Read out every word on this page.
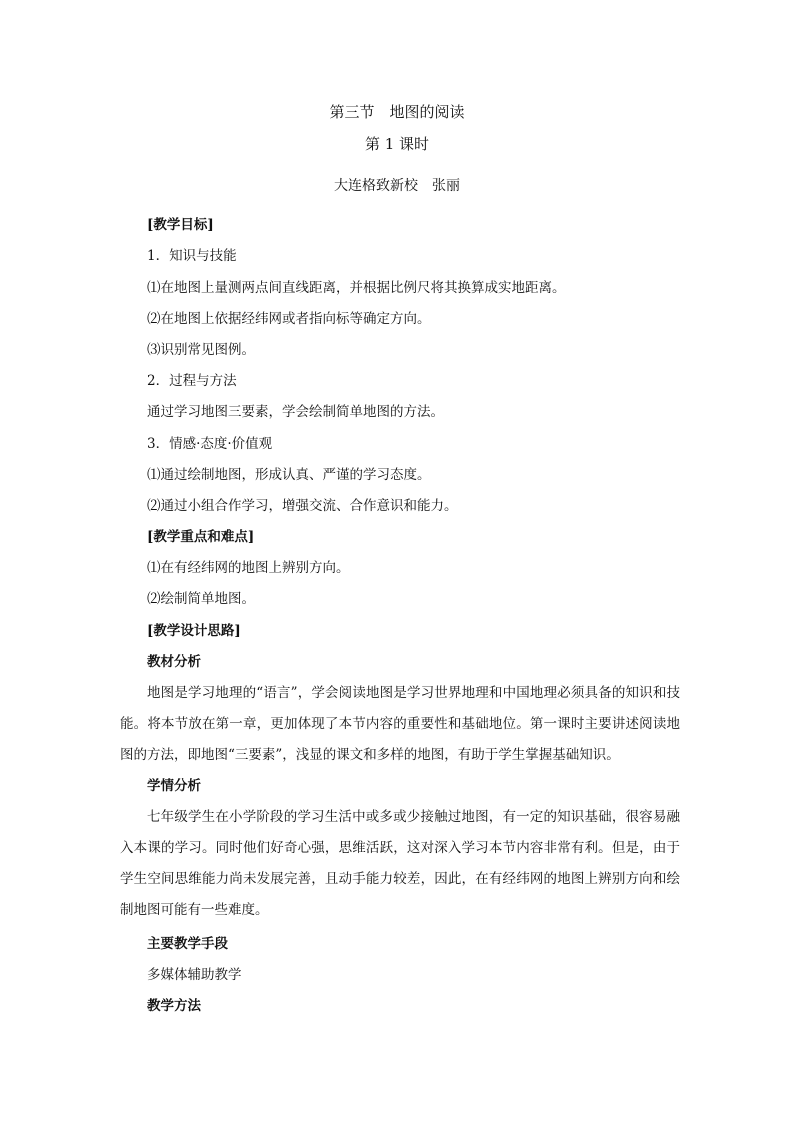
第三节　地图的阅读
第 1 课时
大连格致新校　张丽
[教学目标]
1．知识与技能
⑴在地图上量测两点间直线距离，并根据比例尺将其换算成实地距离。
⑵在地图上依据经纬网或者指向标等确定方向。
⑶识别常见图例。
2．过程与方法
通过学习地图三要素，学会绘制简单地图的方法。
3．情感·态度·价值观
⑴通过绘制地图，形成认真、严谨的学习态度。
⑵通过小组合作学习，增强交流、合作意识和能力。
[教学重点和难点]
⑴在有经纬网的地图上辨别方向。
⑵绘制简单地图。
[教学设计思路]
教材分析
地图是学习地理的“语言”，学会阅读地图是学习世界地理和中国地理必须具备的知识和技能。将本节放在第一章，更加体现了本节内容的重要性和基础地位。第一课时主要讲述阅读地图的方法，即地图“三要素”，浅显的课文和多样的地图，有助于学生掌握基础知识。
学情分析
七年级学生在小学阶段的学习生活中或多或少接触过地图，有一定的知识基础，很容易融入本课的学习。同时他们好奇心强，思维活跃，这对深入学习本节内容非常有利。但是，由于学生空间思维能力尚未发展完善，且动手能力较差，因此，在有经纬网的地图上辨别方向和绘制地图可能有一些难度。
主要教学手段
多媒体辅助教学
教学方法
